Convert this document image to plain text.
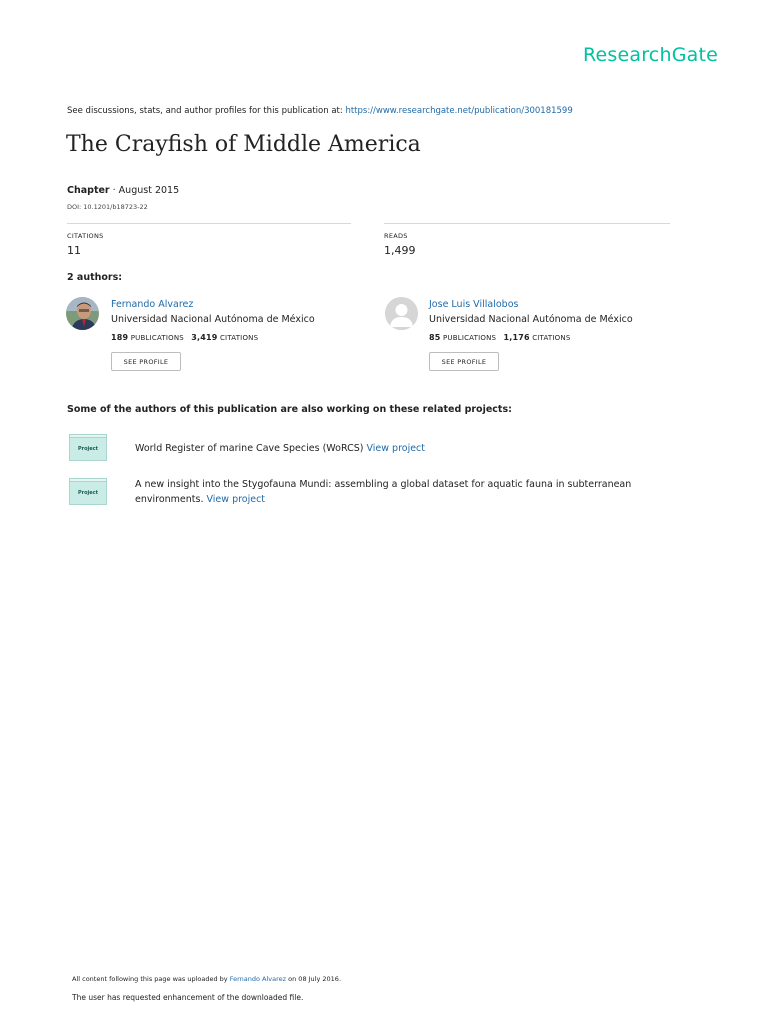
ResearchGate
See discussions, stats, and author profiles for this publication at: https://www.researchgate.net/publication/300181599
The Crayfish of Middle America
Chapter · August 2015
DOI: 10.1201/b18723-22
CITATIONS
11
READS
1,499
2 authors:
Fernando Alvarez
Universidad Nacional Autónoma de México
189 PUBLICATIONS 3,419 CITATIONS
SEE PROFILE
Jose Luis Villalobos
Universidad Nacional Autónoma de México
85 PUBLICATIONS 1,176 CITATIONS
SEE PROFILE
Some of the authors of this publication are also working on these related projects:
Project	World Register of marine Cave Species (WoRCS) View project
Project
A new insight into the Stygofauna Mundi: assembling a global dataset for aquatic fauna in subterranean environments. View project
All content following this page was uploaded by Fernando Alvarez on 08 July 2016.
The user has requested enhancement of the downloaded file.
